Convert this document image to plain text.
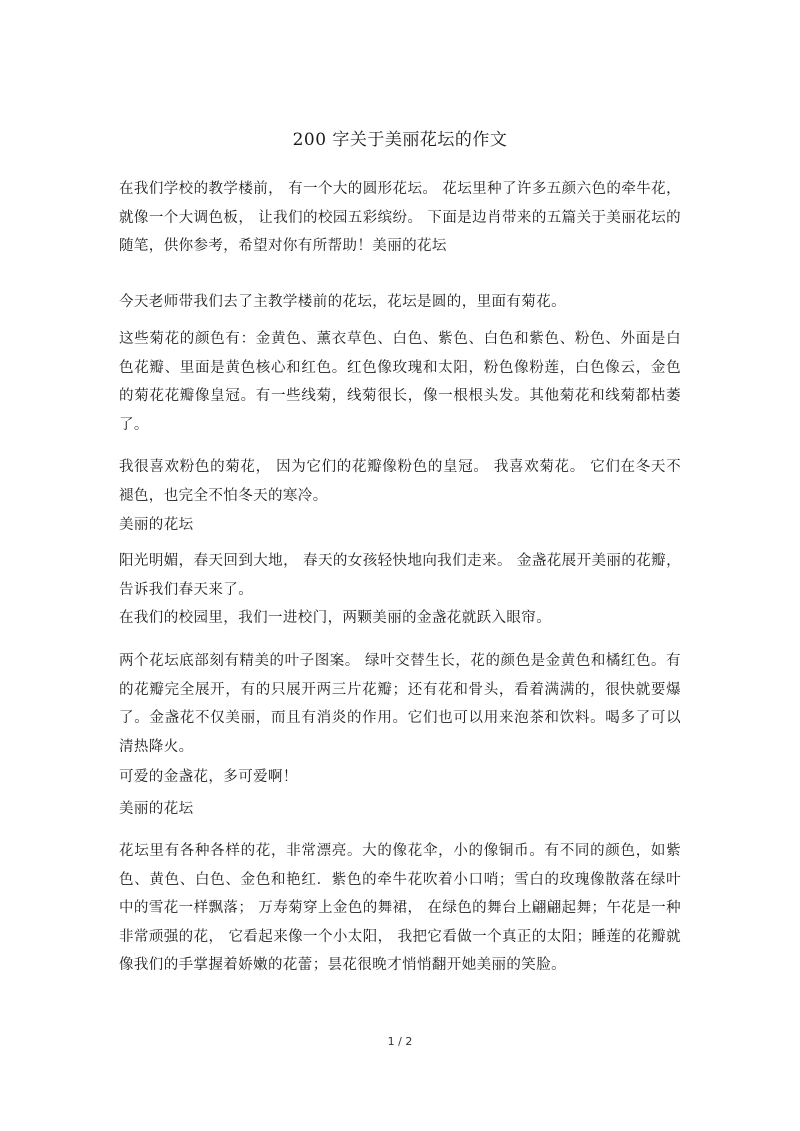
200 字关于美丽花坛的作文

在我们学校的教学楼前， 有一个大的圆形花坛。 花坛里种了许多五颜六色的牵牛花，就像一个大调色板， 让我们的校园五彩缤纷。 下面是边肖带来的五篇关于美丽花坛的随笔，供你参考，希望对你有所帮助！美丽的花坛

今天老师带我们去了主教学楼前的花坛，花坛是圆的，里面有菊花。

这些菊花的颜色有：金黄色、薰衣草色、白色、紫色、白色和紫色、粉色、外面是白色花瓣、里面是黄色核心和红色。红色像玫瑰和太阳，粉色像粉莲，白色像云，金色的菊花花瓣像皇冠。有一些线菊，线菊很长，像一根根头发。其他菊花和线菊都枯萎了。

我很喜欢粉色的菊花， 因为它们的花瓣像粉色的皇冠。 我喜欢菊花。 它们在冬天不褪色，也完全不怕冬天的寒冷。

美丽的花坛

阳光明媚，春天回到大地， 春天的女孩轻快地向我们走来。 金盏花展开美丽的花瓣，告诉我们春天来了。

在我们的校园里，我们一进校门，两颗美丽的金盏花就跃入眼帘。

两个花坛底部刻有精美的叶子图案。 绿叶交替生长，花的颜色是金黄色和橘红色。有的花瓣完全展开，有的只展开两三片花瓣；还有花和骨头，看着满满的，很快就要爆了。金盏花不仅美丽，而且有消炎的作用。它们也可以用来泡茶和饮料。喝多了可以清热降火。

可爱的金盏花，多可爱啊！

美丽的花坛

花坛里有各种各样的花，非常漂亮。大的像花伞，小的像铜币。有不同的颜色，如紫色、黄色、白色、金色和艳红．紫色的牵牛花吹着小口哨；雪白的玫瑰像散落在绿叶中的雪花一样飘落； 万寿菊穿上金色的舞裙， 在绿色的舞台上翩翩起舞；午花是一种非常顽强的花， 它看起来像一个小太阳， 我把它看做一个真正的太阳；睡莲的花瓣就像我们的手掌握着娇嫩的花蕾；昙花很晚才悄悄翻开她美丽的笑脸。

1 / 2
